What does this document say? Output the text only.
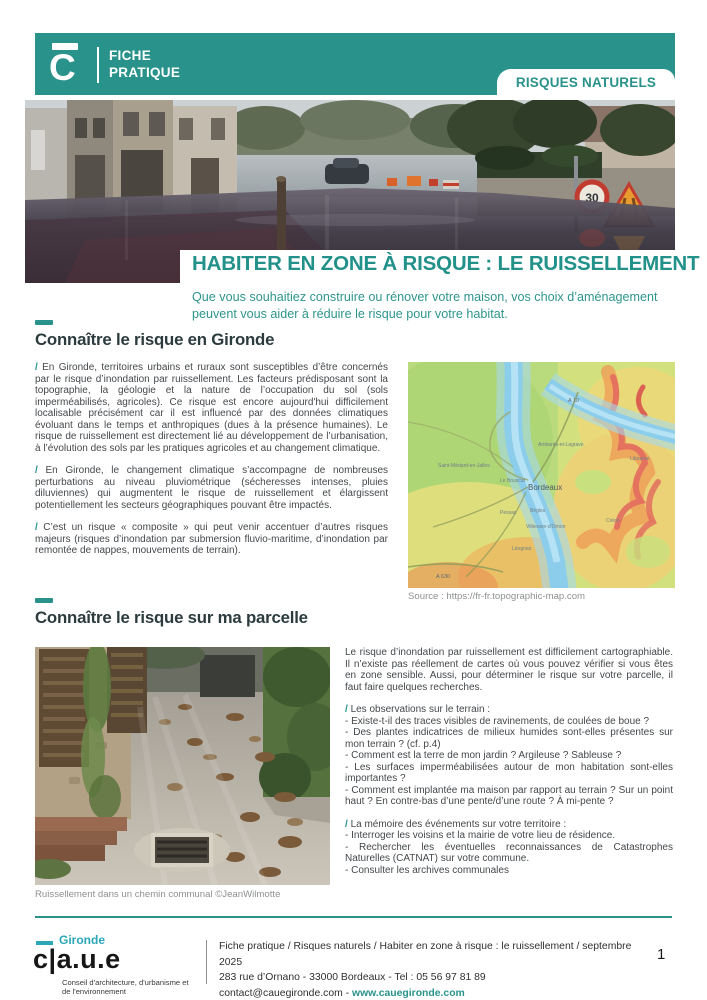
C FICHE
PRATIQUE
RISQUES NATURELS
30
HABITER EN ZONE À RISQUE : LE RUISSELLEMENT
Que vous souhaitiez construire ou rénover votre maison, vos choix d’aménagement peuvent vous aider à réduire le risque pour votre habitat.
Connaître le risque en Gironde

/ En Gironde, territoires urbains et ruraux sont susceptibles d’être concernés par le risque d’inondation par ruissellement. Les facteurs prédisposant sont la topographie, la géologie et la nature de l’occupation du sol (sols imperméabilisés, agricoles). Ce risque est encore aujourd'hui difficilement localisable précisément car il est influencé par des données climatiques évoluant dans le temps et anthropiques (dues à la présence humaines). Le risque de ruissellement est directement lié au développement de l’urbanisation, à l’évolution des sols par les pratiques agricoles et au changement climatique.

/ En Gironde, le changement climatique s’accompagne de nombreuses perturbations au niveau pluviométrique (sécheresses intenses, pluies diluviennes) qui augmentent le risque de ruissellement et élargissent potentiellement les secteurs géographiques pouvant être impactés.

/ C’est un risque « composite » qui peut venir accentuer d’autres risques majeurs (risques d’inondation par submersion fluvio-maritime, d’inondation par remontée de nappes, mouvements de terrain).

Bordeaux
A 10
A 630
Libourne
Créon
Léognan
Pessac	Bègles
Villenave-d'Ornon
Le Bouscat
Saint-Médard-en-Jalles
Ambarès-et-Lagrave
Source : https://fr-fr.topographic-map.com
Connaître le risque sur ma parcelle
Ruissellement dans un chemin communal ©JeanWilmotte

Le risque d’inondation par ruissellement est difficilement cartographiable. Il n’existe pas réellement de cartes où vous pouvez vérifier si vous êtes en zone sensible. Aussi, pour déterminer le risque sur votre parcelle, il faut faire quelques recherches.

/ Les observations sur le terrain :
- Existe-t-il des traces visibles de ravinements, de coulées de boue ?
- Des plantes indicatrices de milieux humides sont-elles présentes sur mon terrain ? (cf. p.4)
- Comment est la terre de mon jardin ? Argileuse ? Sableuse ?
- Les surfaces imperméabilisées autour de mon habitation sont-elles importantes ?
- Comment est implantée ma maison par rapport au terrain ? Sur un point haut ? En contre-bas d’une pente/d’une route ? À mi-pente ?
/ La mémoire des événements sur votre territoire :
- Interroger les voisins et la mairie de votre lieu de résidence.
- Rechercher les éventuelles reconnaissances de Catastrophes Naturelles (CATNAT) sur votre commune.
- Consulter les archives communales
Gironde
c|a.u.e
Conseil d'architecture, d'urbanisme et de l'environnement
Fiche pratique / Risques naturels / Habiter en zone à risque : le ruissellement / septembre 2025
283 rue d’Ornano - 33000 Bordeaux - Tel : 05 56 97 81 89
contact@cauegironde.com - www.cauegironde.com
1
